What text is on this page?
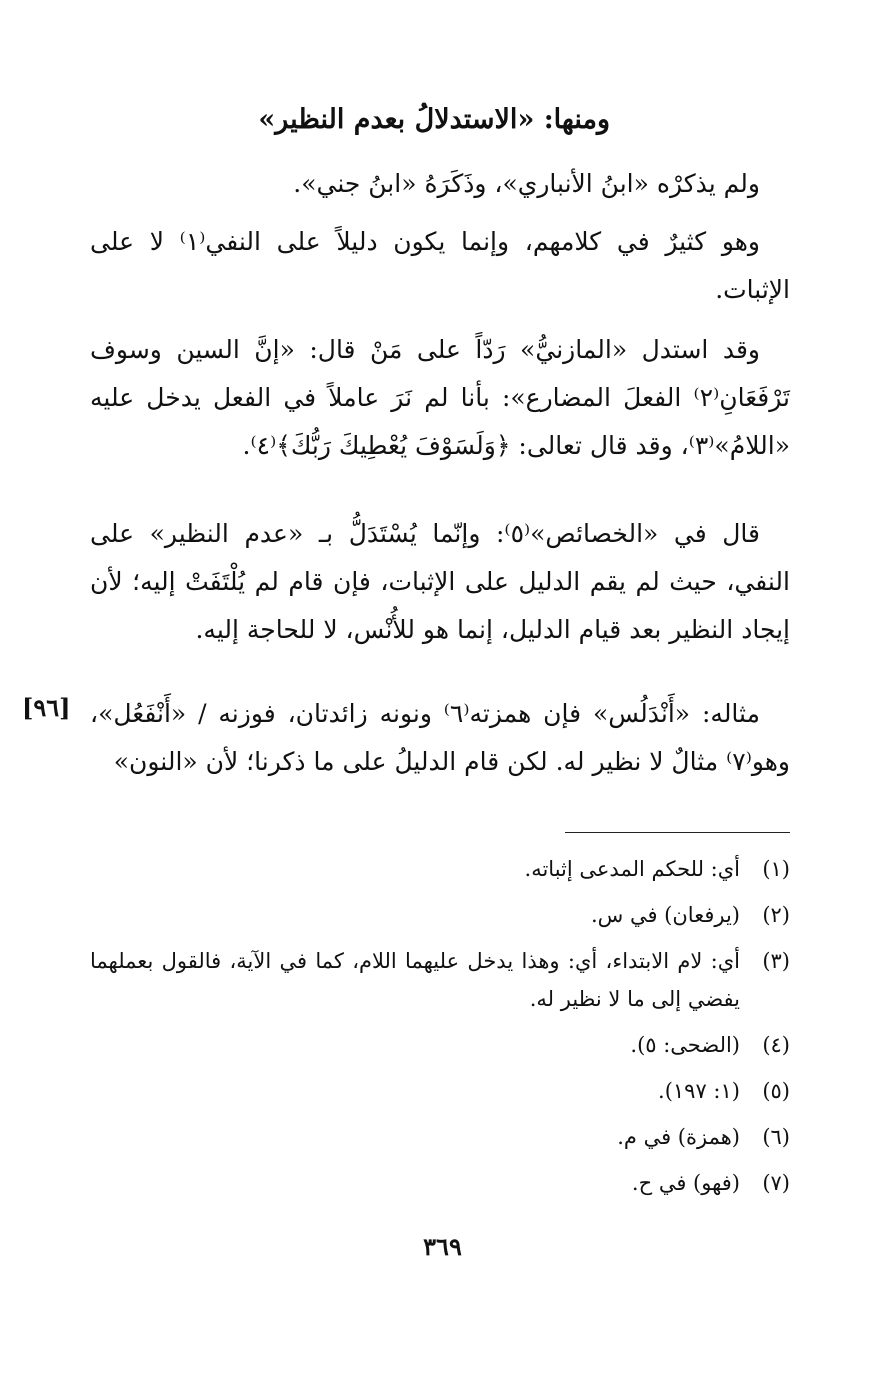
ومنها: «الاستدلالُ بعدم النظير»
ولم يذكرْه «ابنُ الأنباري»، وذَكَرَهُ «ابنُ جني».
وهو كثيرٌ في كلامهم، وإنما يكون دليلاً على النفي⁽١⁾ لا على الإثبات.
وقد استدل «المازنيُّ» رَدّاً على مَنْ قال: «إنَّ السين وسوف تَرْفَعَانِ⁽٢⁾ الفعلَ المضارع»: بأنا لم نَرَ عاملاً في الفعل يدخل عليه «اللامُ»⁽٣⁾، وقد قال تعالى: ﴿وَلَسَوْفَ يُعْطِيكَ رَبُّكَ﴾⁽٤⁾.
قال في «الخصائص»⁽٥⁾: وإنّما يُسْتَدَلُّ بـ «عدم النظير» على النفي، حيث لم يقم الدليل على الإثبات، فإن قام لم يُلْتَفَتْ إليه؛ لأن إيجاد النظير بعد قيام الدليل، إنما هو للأُنْس، لا للحاجة إليه.
مثاله: «أَنْدَلُس» فإن همزته⁽٦⁾ ونونه زائدتان، فوزنه / «أَنْفَعُل»، وهو⁽٧⁾ مثالٌ لا نظير له. لكن قام الدليلُ على ما ذكرنا؛ لأن «النون»
[٩٦]
(١)
أي: للحكم المدعى إثباته.
(٢)
(يرفعان) في س.
(٣)
أي: لام الابتداء، أي: وهذا يدخل عليهما اللام، كما في الآية، فالقول بعملهما يفضي إلى ما لا نظير له.
(٤)
(الضحى: ٥).
(٥)
(١: ١٩٧).
(٦)
(همزة) في م.
(٧)
(فهو) في ح.
٣٦٩
